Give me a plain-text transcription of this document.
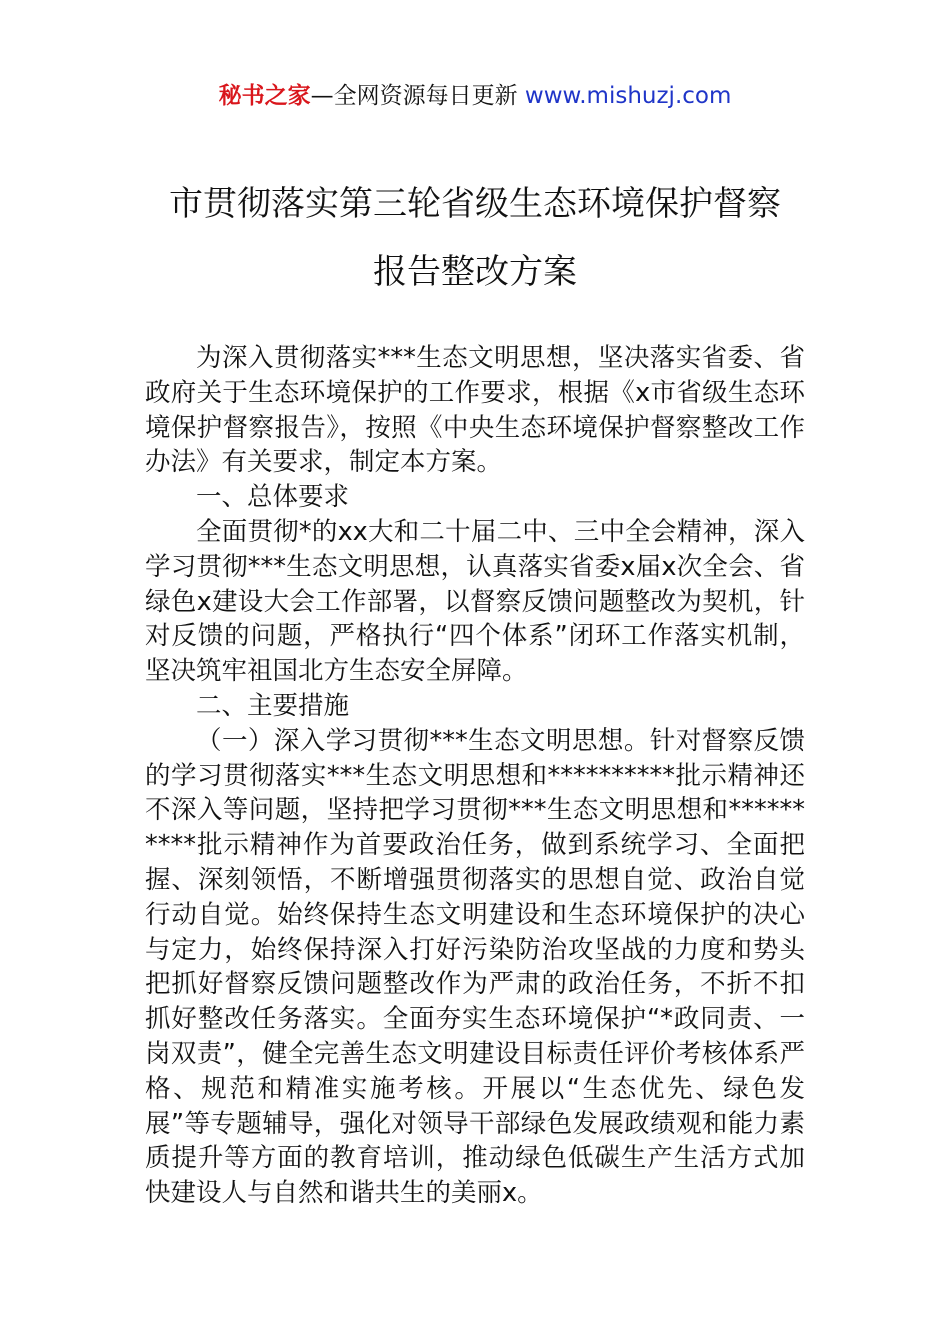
秘书之家—全网资源每日更新 www.mishuzj.com
市贯彻落实第三轮省级生态环境保护督察
报告整改方案

为深入贯彻落实***生态文明思想，坚决落实省委、省政府关于生态环境保护的工作要求，根据《x市省级生态环境保护督察报告》，按照《中央生态环境保护督察整改工作办法》有关要求，制定本方案。

一、总体要求

全面贯彻*的xx大和二十届二中、三中全会精神，深入学习贯彻***生态文明思想，认真落实省委x届x次全会、省绿色x建设大会工作部署，以督察反馈问题整改为契机，针对反馈的问题，严格执行“四个体系”闭环工作落实机制，坚决筑牢祖国北方生态安全屏障。

二、主要措施

（一）深入学习贯彻***生态文明思想。针对督察反馈的学习贯彻落实***生态文明思想和**********批示精神还不深入等问题，坚持把学习贯彻***生态文明思想和**********批示精神作为首要政治任务，做到系统学习、全面把握、深刻领悟，不断增强贯彻落实的思想自觉、政治自觉行动自觉。始终保持生态文明建设和生态环境保护的决心与定力，始终保持深入打好污染防治攻坚战的力度和势头把抓好督察反馈问题整改作为严肃的政治任务，不折不扣抓好整改任务落实。全面夯实生态环境保护“*政同责、一岗双责”，健全完善生态文明建设目标责任评价考核体系严格、规范和精准实施考核。开展以“生态优先、绿色发展”等专题辅导，强化对领导干部绿色发展政绩观和能力素质提升等方面的教育培训，推动绿色低碳生产生活方式加快建设人与自然和谐共生的美丽x。
